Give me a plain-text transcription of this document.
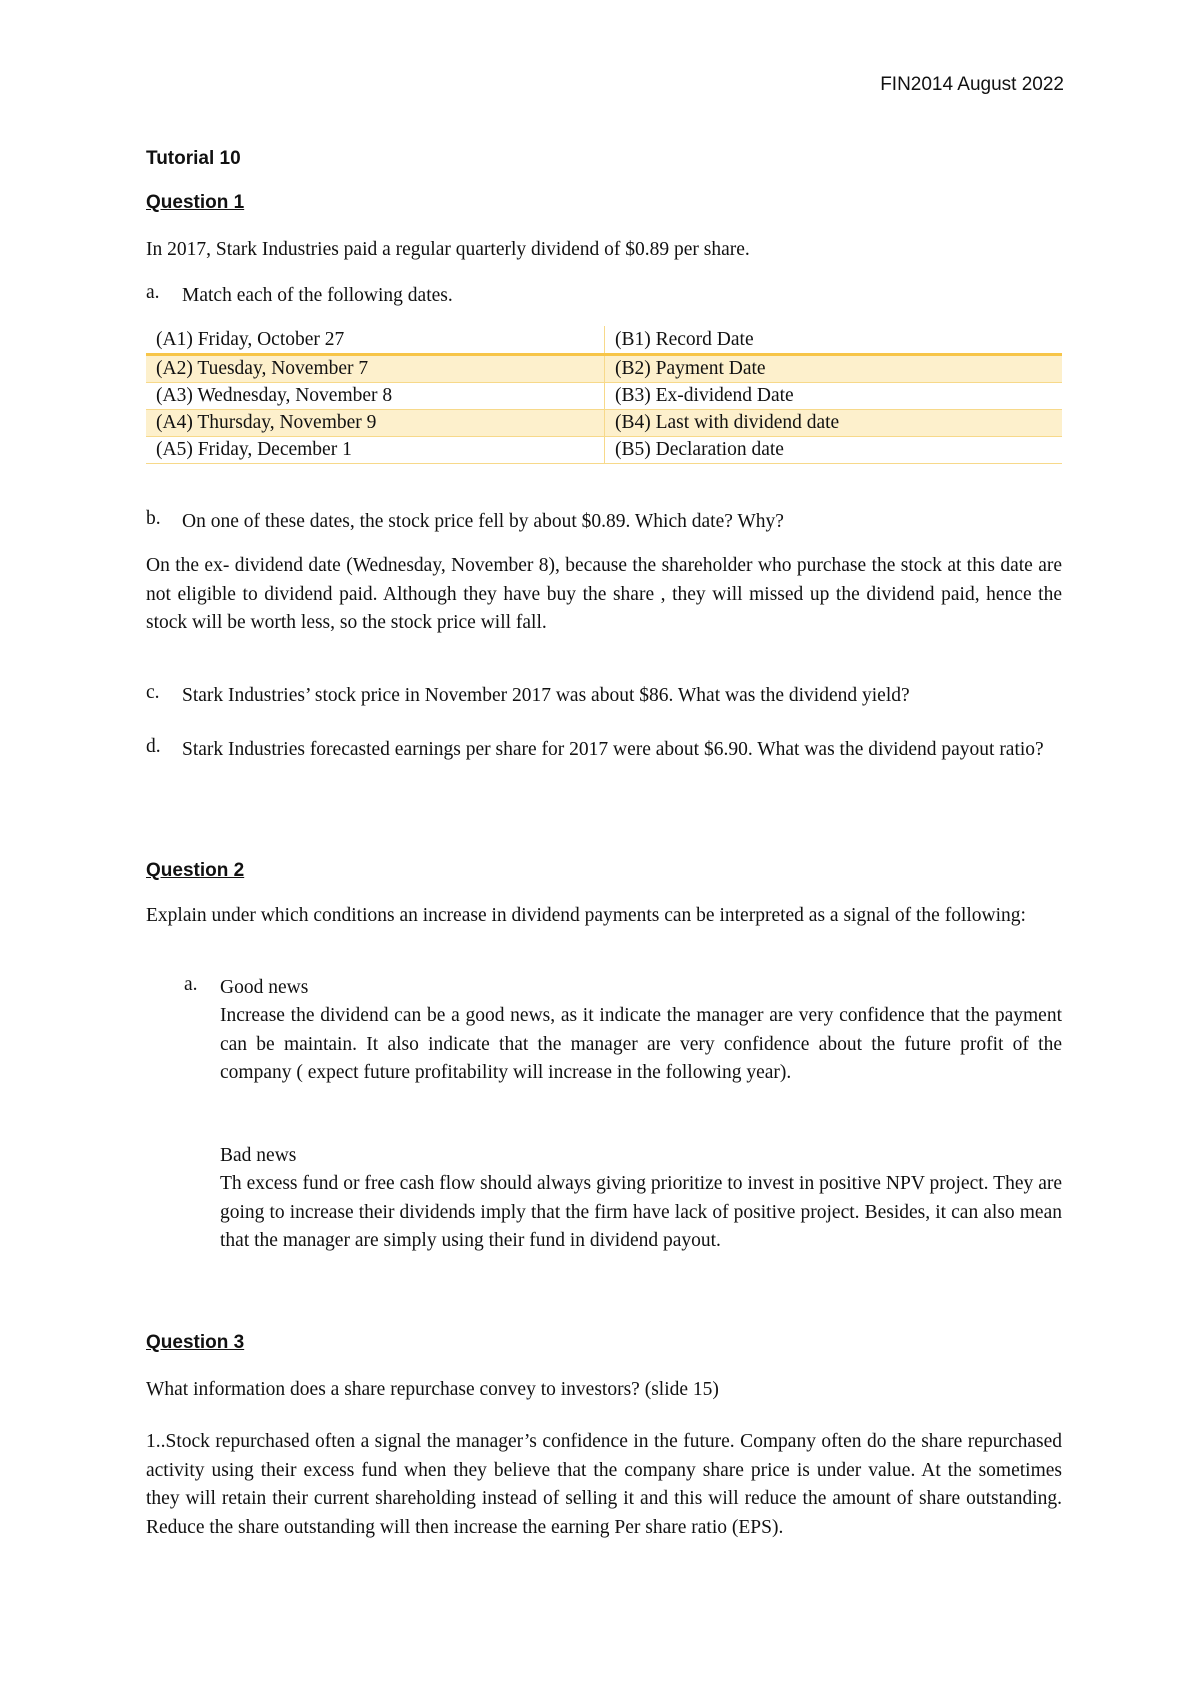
FIN2014 August 2022
Tutorial 10
Question 1
In 2017, Stark Industries paid a regular quarterly dividend of $0.89 per share.
a. Match each of the following dates.
(A1) Friday, October 27	(B1) Record Date
(A2) Tuesday, November 7	(B2) Payment Date
(A3) Wednesday, November 8	(B3) Ex-dividend Date
(A4) Thursday, November 9	(B4) Last with dividend date
(A5) Friday, December 1	(B5) Declaration date
b. On one of these dates, the stock price fell by about $0.89. Which date? Why?
On the ex- dividend date (Wednesday, November 8), because the shareholder who purchase the stock at this date are not eligible to dividend paid. Although they have buy the share , they will missed up the dividend paid, hence the stock will be worth less, so the stock price will fall.
c. Stark Industries’ stock price in November 2017 was about $86. What was the dividend yield?
d. Stark Industries forecasted earnings per share for 2017 were about $6.90. What was the dividend payout ratio?
Question 2
Explain under which conditions an increase in dividend payments can be interpreted as a signal of the following:
a. Good news
Increase the dividend can be a good news, as it indicate the manager are very confidence that the payment can be maintain. It also indicate that the manager are very confidence about the future profit of the company ( expect future profitability will increase in the following year).
Bad news
Th excess fund or free cash flow should always giving prioritize to invest in positive NPV project. They are going to increase their dividends imply that the firm have lack of positive project. Besides, it can also mean that the manager are simply using their fund in dividend payout.
Question 3
What information does a share repurchase convey to investors? (slide 15)
1..Stock repurchased often a signal the manager’s confidence in the future. Company often do the share repurchased activity using their excess fund when they believe that the company share price is under value. At the sometimes they will retain their current shareholding instead of selling it and this will reduce the amount of share outstanding. Reduce the share outstanding will then increase the earning Per share ratio (EPS).
